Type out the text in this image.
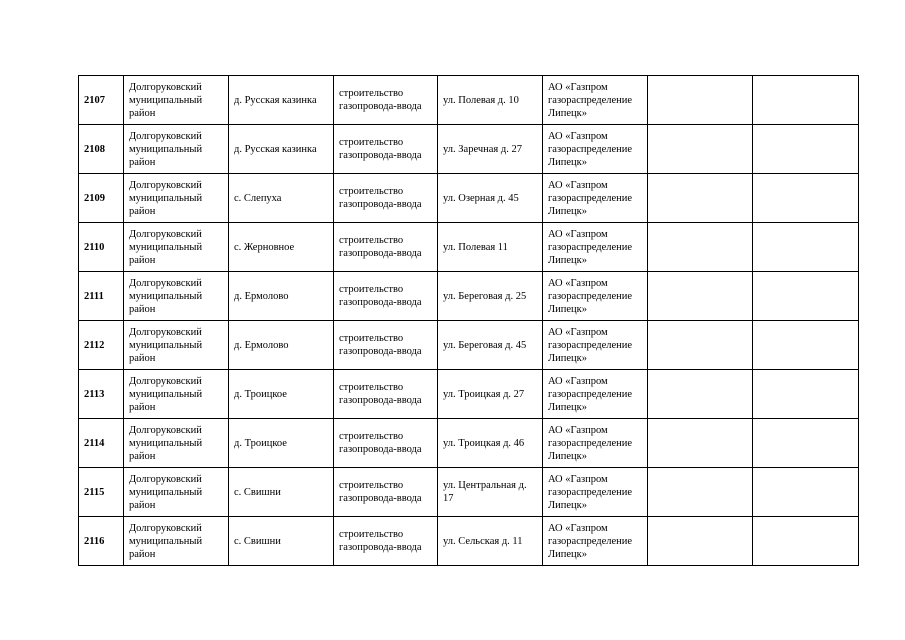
2107	Долгоруковский
муниципальный
район	д. Русская казинка	строительство
газопровода-ввода	ул. Полевая д. 10	АО «Газпром
газораспределение
Липецк»		

2108	Долгоруковский
муниципальный
район	д. Русская казинка	строительство
газопровода-ввода	ул. Заречная д. 27	АО «Газпром
газораспределение
Липецк»		

2109	Долгоруковский
муниципальный
район	с. Слепуха	строительство
газопровода-ввода	ул. Озерная д. 45	АО «Газпром
газораспределение
Липецк»		

2110	Долгоруковский
муниципальный
район	с. Жерновное	строительство
газопровода-ввода	ул. Полевая 11	АО «Газпром
газораспределение
Липецк»		

2111	Долгоруковский
муниципальный
район	д. Ермолово	строительство
газопровода-ввода	ул. Береговая д. 25	АО «Газпром
газораспределение
Липецк»		

2112	Долгоруковский
муниципальный
район	д. Ермолово	строительство
газопровода-ввода	ул. Береговая д. 45	АО «Газпром
газораспределение
Липецк»		

2113	Долгоруковский
муниципальный
район	д. Троицкое	строительство
газопровода-ввода	ул. Троицкая д. 27	АО «Газпром
газораспределение
Липецк»		

2114	Долгоруковский
муниципальный
район	д. Троицкое	строительство
газопровода-ввода	ул. Троицкая д. 46	АО «Газпром
газораспределение
Липецк»		

2115	Долгоруковский
муниципальный
район	с. Свишни	строительство
газопровода-ввода	ул. Центральная д.
17	АО «Газпром
газораспределение
Липецк»		

2116	Долгоруковский
муниципальный
район	с. Свишни	строительство
газопровода-ввода	ул. Сельская д. 11	АО «Газпром
газораспределение
Липецк»		
